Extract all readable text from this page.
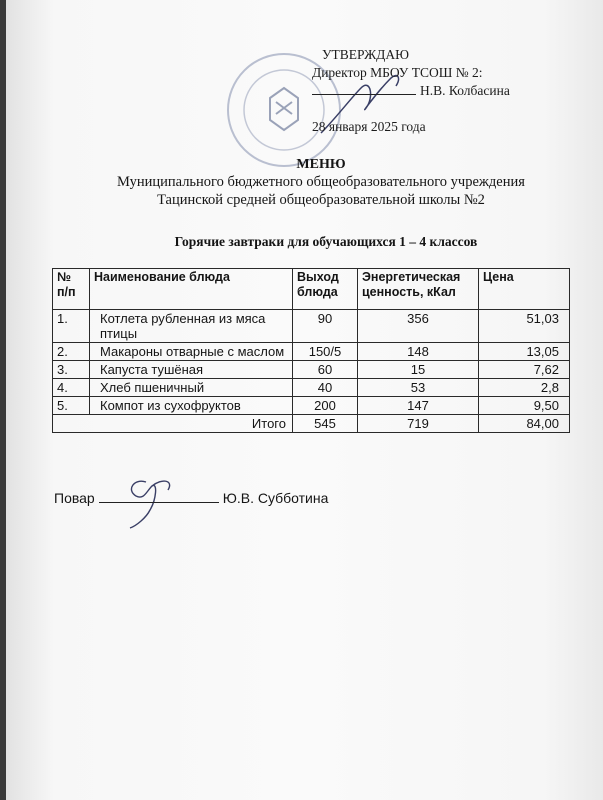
УТВЕРЖДАЮ
Директор МБОУ ТСОШ № 2:
Н.В. Колбасина
28 января 2025 года
МЕНЮ
Муниципального бюджетного общеобразовательного учреждения
Тацинской средней общеобразовательной школы №2
Горячие завтраки для обучающихся 1 – 4 классов
№ п/п	Наименование блюда	Выход блюда	Энергетическая ценность, кКал	Цена
1.	Котлета рубленная из мяса птицы	90	356	51,03
2.	Макароны отварные с маслом	150/5	148	13,05
3.	Капуста тушёная	60	15	7,62
4.	Хлеб пшеничный	40	53	2,8
5.	Компот из сухофруктов	200	147	9,50
Итого		545	719	84,00
Повар	Ю.В. Субботина
